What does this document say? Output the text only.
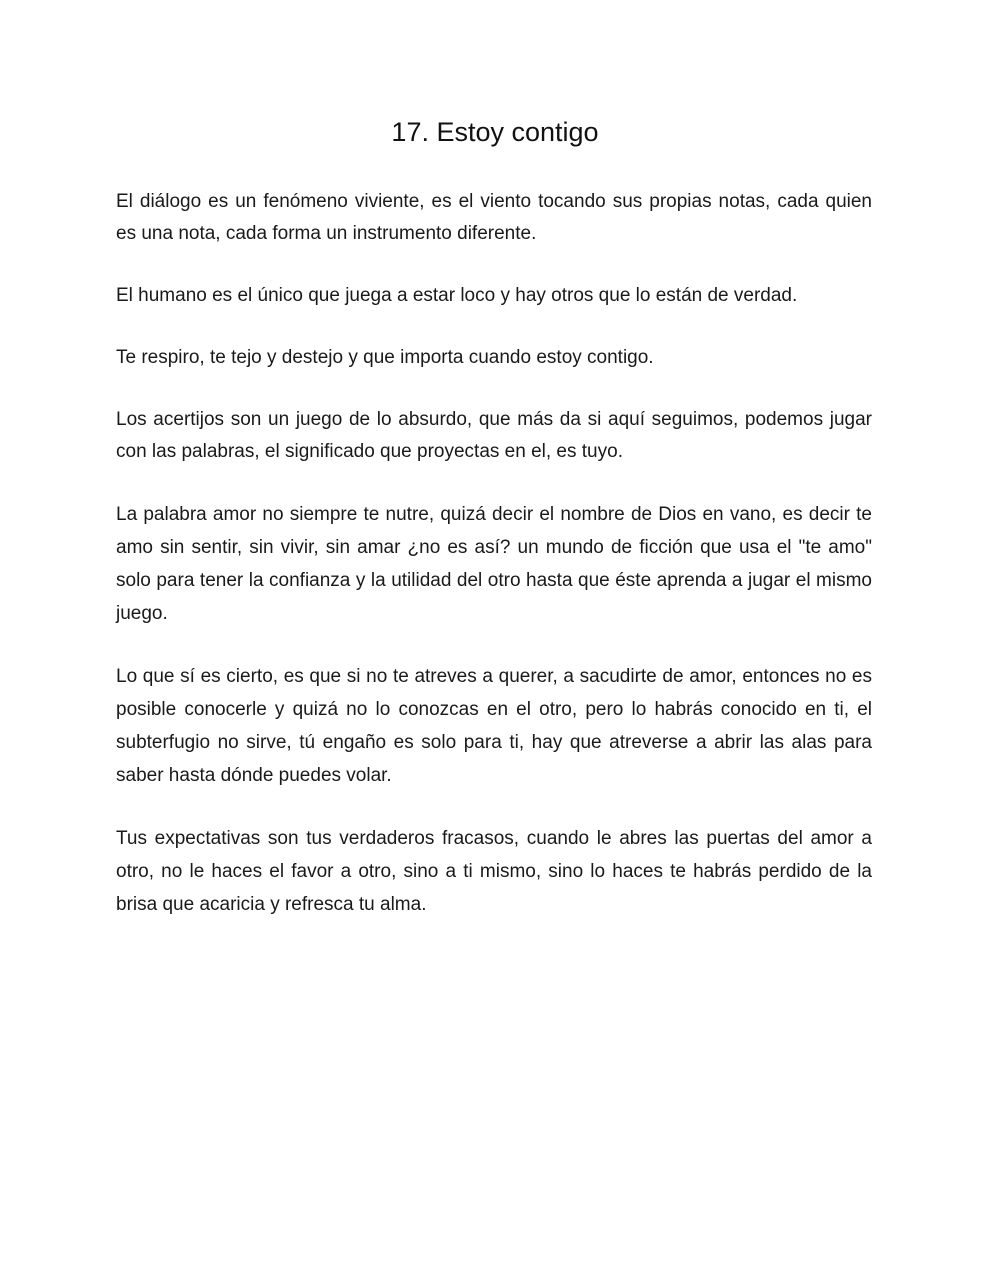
17. Estoy contigo

El diálogo es un fenómeno viviente, es el viento tocando sus propias notas, cada quien es una nota, cada forma un instrumento diferente.

El humano es el único que juega a estar loco y hay otros que lo están de verdad.

Te respiro, te tejo y destejo y que importa cuando estoy contigo.

Los acertijos son un juego de lo absurdo, que más da si aquí seguimos, podemos jugar con las palabras, el significado que proyectas en el, es tuyo.

La palabra amor no siempre te nutre, quizá decir el nombre de Dios en vano, es decir te amo sin sentir, sin vivir, sin amar ¿no es así? un mundo de ficción que usa el "te amo" solo para tener la confianza y la utilidad del otro hasta que éste aprenda a jugar el mismo juego.

Lo que sí es cierto, es que si no te atreves a querer, a sacudirte de amor, entonces no es posible conocerle y quizá no lo conozcas en el otro, pero lo habrás conocido en ti, el subterfugio no sirve, tú engaño es solo para ti, hay que atreverse a abrir las alas para saber hasta dónde puedes volar.

Tus expectativas son tus verdaderos fracasos, cuando le abres las puertas del amor a otro, no le haces el favor a otro, sino a ti mismo, sino lo haces te habrás perdido de la brisa que acaricia y refresca tu alma.
